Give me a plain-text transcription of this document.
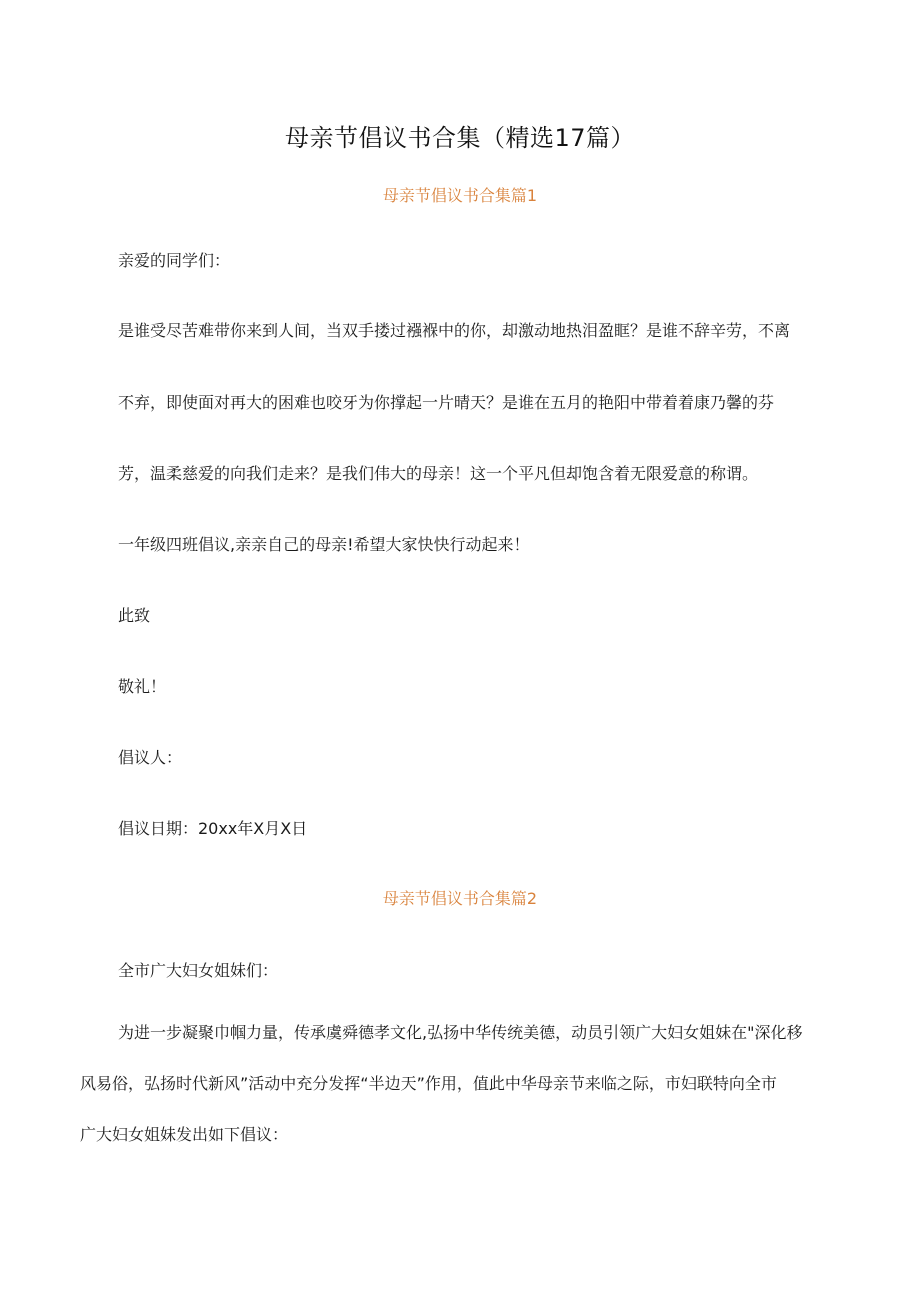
母亲节倡议书合集（精选17篇）
母亲节倡议书合集篇1
亲爱的同学们：
是谁受尽苦难带你来到人间，当双手搂过襁褓中的你，却激动地热泪盈眶？是谁不辞辛劳，不离
不弃，即使面对再大的困难也咬牙为你撑起一片晴天？是谁在五月的艳阳中带着着康乃馨的芬
芳，温柔慈爱的向我们走来？是我们伟大的母亲！这一个平凡但却饱含着无限爱意的称谓。
一年级四班倡议,亲亲自己的母亲!希望大家快快行动起来！
此致
敬礼！
倡议人：
倡议日期：20xx年X月X日
母亲节倡议书合集篇2
全市广大妇女姐妹们：
为进一步凝聚巾帼力量，传承虞舜德孝文化,弘扬中华传统美德，动员引领广大妇女姐妹在"深化移
风易俗，弘扬时代新风”活动中充分发挥“半边天”作用，值此中华母亲节来临之际，市妇联特向全市
广大妇女姐妹发出如下倡议：
